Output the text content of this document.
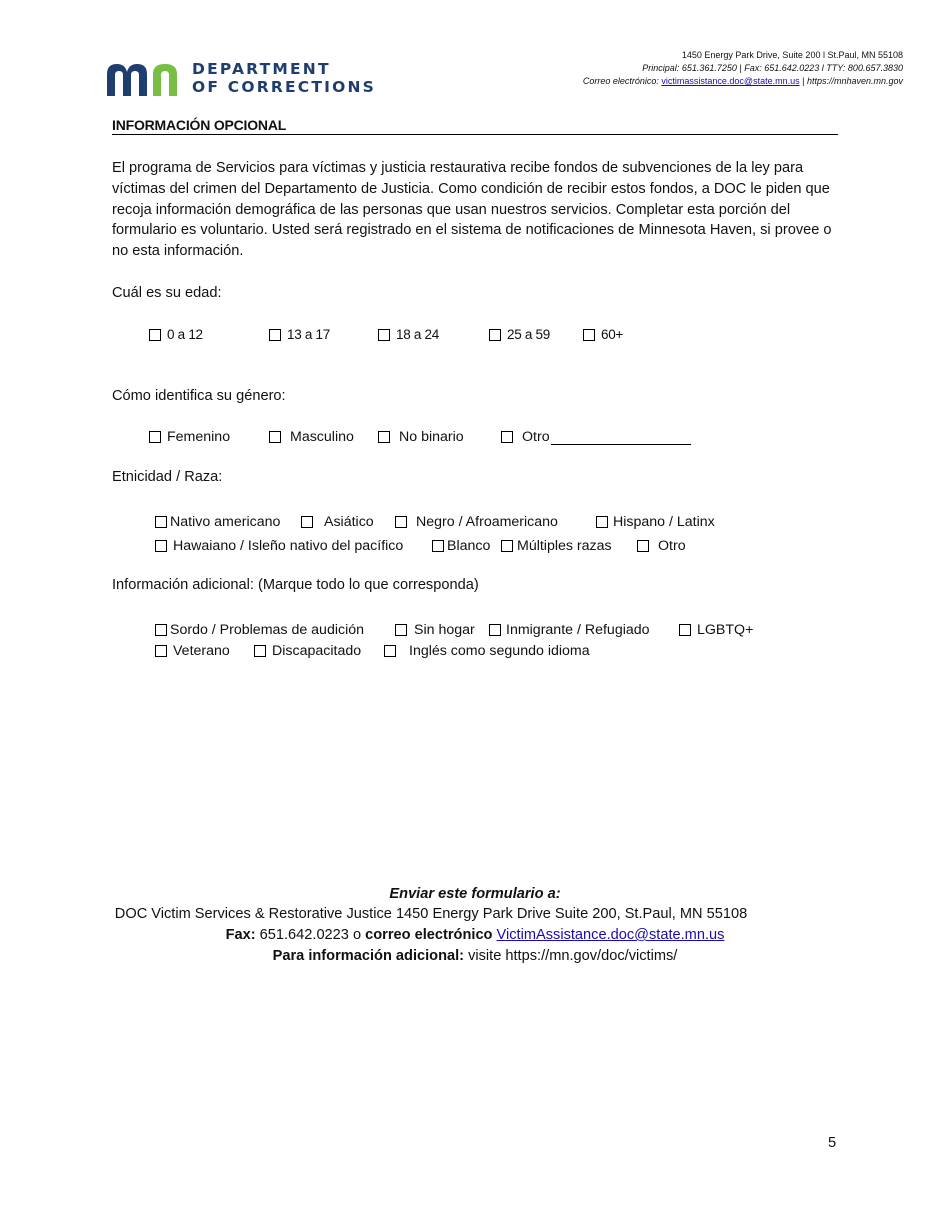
DEPARTMENT
OF CORRECTIONS
1450 Energy Park Drive, Suite 200 l St.Paul, MN 55108
Principal: 651.361.7250 | Fax: 651.642.0223 l TTY: 800.657.3830
Correo electrónico: victimassistance.doc@state.mn.us | https://mnhaven.mn.gov
INFORMACIÓN OPCIONAL
El programa de Servicios para víctimas y justicia restaurativa recibe fondos de subvenciones de la ley para víctimas del crimen del Departamento de Justicia. Como condición de recibir estos fondos, a DOC le piden que recoja información demográfica de las personas que usan nuestros servicios. Completar esta porción del formulario es voluntario. Usted será registrado en el sistema de notificaciones de Minnesota Haven, si provee o no esta información.
Cuál es su edad:
0 a 12	13 a 17	18 a 24	25 a 59	60+
Cómo identifica su género:
Femenino	Masculino	No binario	Otro
Etnicidad / Raza:
Nativo americano	Asiático	Negro / Afroamericano	Hispano / Latinx
Hawaiano / Isleño nativo del pacífico	Blanco Múltiples razas	Otro
Información adicional: (Marque todo lo que corresponda)
Sordo / Problemas de audición	Sin hogar Inmigrante / Refugiado	LGBTQ+
Veterano	Discapacitado	Inglés como segundo idioma
Enviar este formulario a:
DOC Victim Services & Restorative Justice 1450 Energy Park Drive Suite 200, St.Paul, MN 55108
Fax: 651.642.0223 o correo electrónico VictimAssistance.doc@state.mn.us
Para información adicional: visite https://mn.gov/doc/victims/
5
